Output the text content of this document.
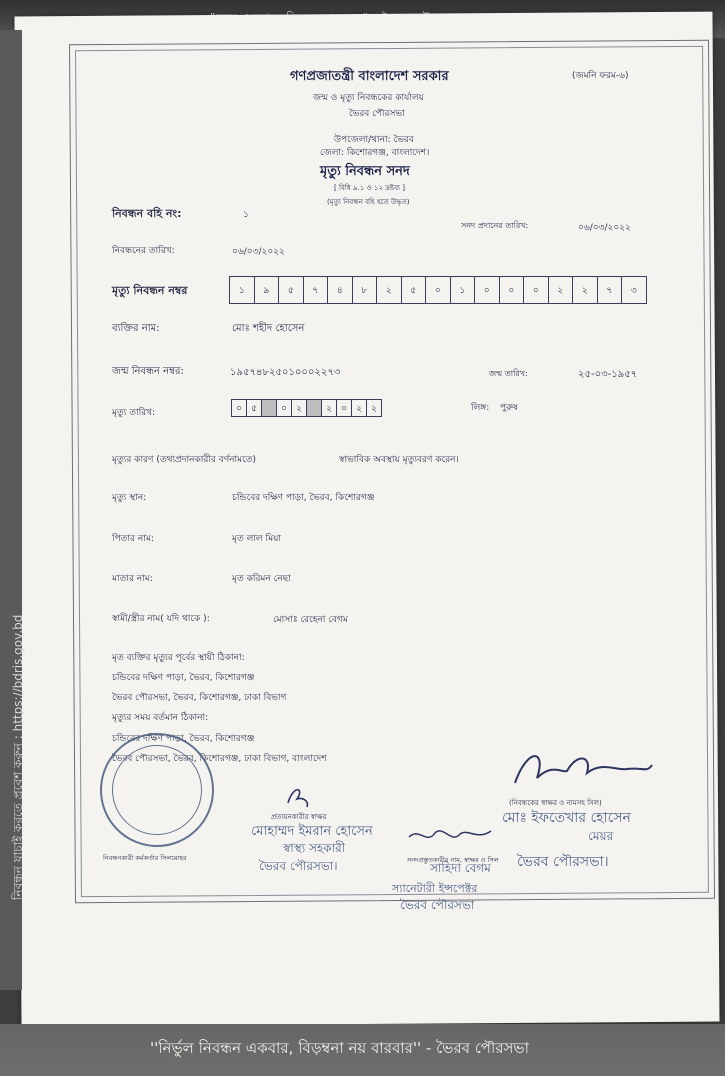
নিবন্ধন যাচাই করতে প্রবেশ করুন : https://bdris.gov.bd
গণপ্রজাতন্ত্রী বাংলাদেশ সরকার	(জমনি ফরম-৬)
জন্ম ও মৃত্যু নিবন্ধকের কার্যালয়
ভৈরব পৌরসভা
উপজেলা/থানা: ভৈরব
জেলা: কিশোরগঞ্জ, বাংলাদেশ।
মৃত্যু নিবন্ধন সনদ
[ বিধি ৯.১ ও ১২ দ্রষ্টব্য ]
(মৃত্যু নিবন্ধন বহি হতে উদ্ধৃত)
নিবন্ধন বহি নং:	১
সনদ প্রদানের তারিখ:	০৬/০৩/২০২২
নিবন্ধনের তারিখ:	০৬/০৩/২০২২
মৃত্যু নিবন্ধন নম্বর	১	৯	৫	৭	৪	৮	২	৫	০	১	০	০	০	২	২	৭	৩
ব্যক্তির নাম:	মোঃ শহীদ হোসেন
জন্ম নিবন্ধন নম্বর:	১৯৫৭৪৮২৫০১০০০২২৭৩	জন্ম তারিখ:	২৫-০৩-১৯৫৭
মৃত্যু তারিখ:	০	৫	০	২	২	০	২	২	লিঙ্গ: পুরুষ
মৃত্যুর কারণ (তথ্যপ্রদানকারীর বর্ণনামতে)	স্বাভাবিক অবস্থায় মৃত্যুবরণ করেন।
মৃত্যু স্থান:	চন্ডিবের দক্ষিণ পাড়া, ভৈরব, কিশোরগঞ্জ
পিতার নাম:	মৃত লাল মিয়া
মাতার নাম:	মৃত করিমন নেছা
স্বামী/স্ত্রীর নাম( যদি থাকে ):	মোসাঃ রেহেনা বেগম
মৃত ব্যক্তির মৃত্যুর পূর্বের স্থায়ী ঠিকানা:
চন্ডিবের দক্ষিণ পাড়া, ভৈরব, কিশোরগঞ্জ
ভৈরব পৌরসভা, ভৈরব, কিশোরগঞ্জ, ঢাকা বিভাগ
মৃত্যুর সময় বর্তমান ঠিকানা:
চন্ডিবের দক্ষিণ পাড়া, ভৈরব, কিশোরগঞ্জ
ভৈরব পৌরসভা, ভৈরব, কিশোরগঞ্জ, ঢাকা বিভাগ, বাংলাদেশ
(নিবন্ধকের স্বাক্ষর ও নামসহ সিল)
প্রত্যয়নকারীর স্বাক্ষর
সনদপ্রস্তুতকারীর নাম, স্বাক্ষর ও সিল
নিবন্ধনকারী কর্মকর্তার সিলমোহর
মোহাম্মদ ইমরান হোসেন
স্বাস্থ্য সহকারী
ভৈরব পৌরসভা।
মোঃ ইফতেখার হোসেন
মেয়র
ভৈরব পৌরসভা।
সাহিদা বেগম
স্যানেটারী ইন্সপেক্টর
ভৈরব পৌরসভা
''নির্ভুল নিবন্ধন একবার, বিড়ম্বনা নয় বারবার'' - ভৈরব পৌরসভা
